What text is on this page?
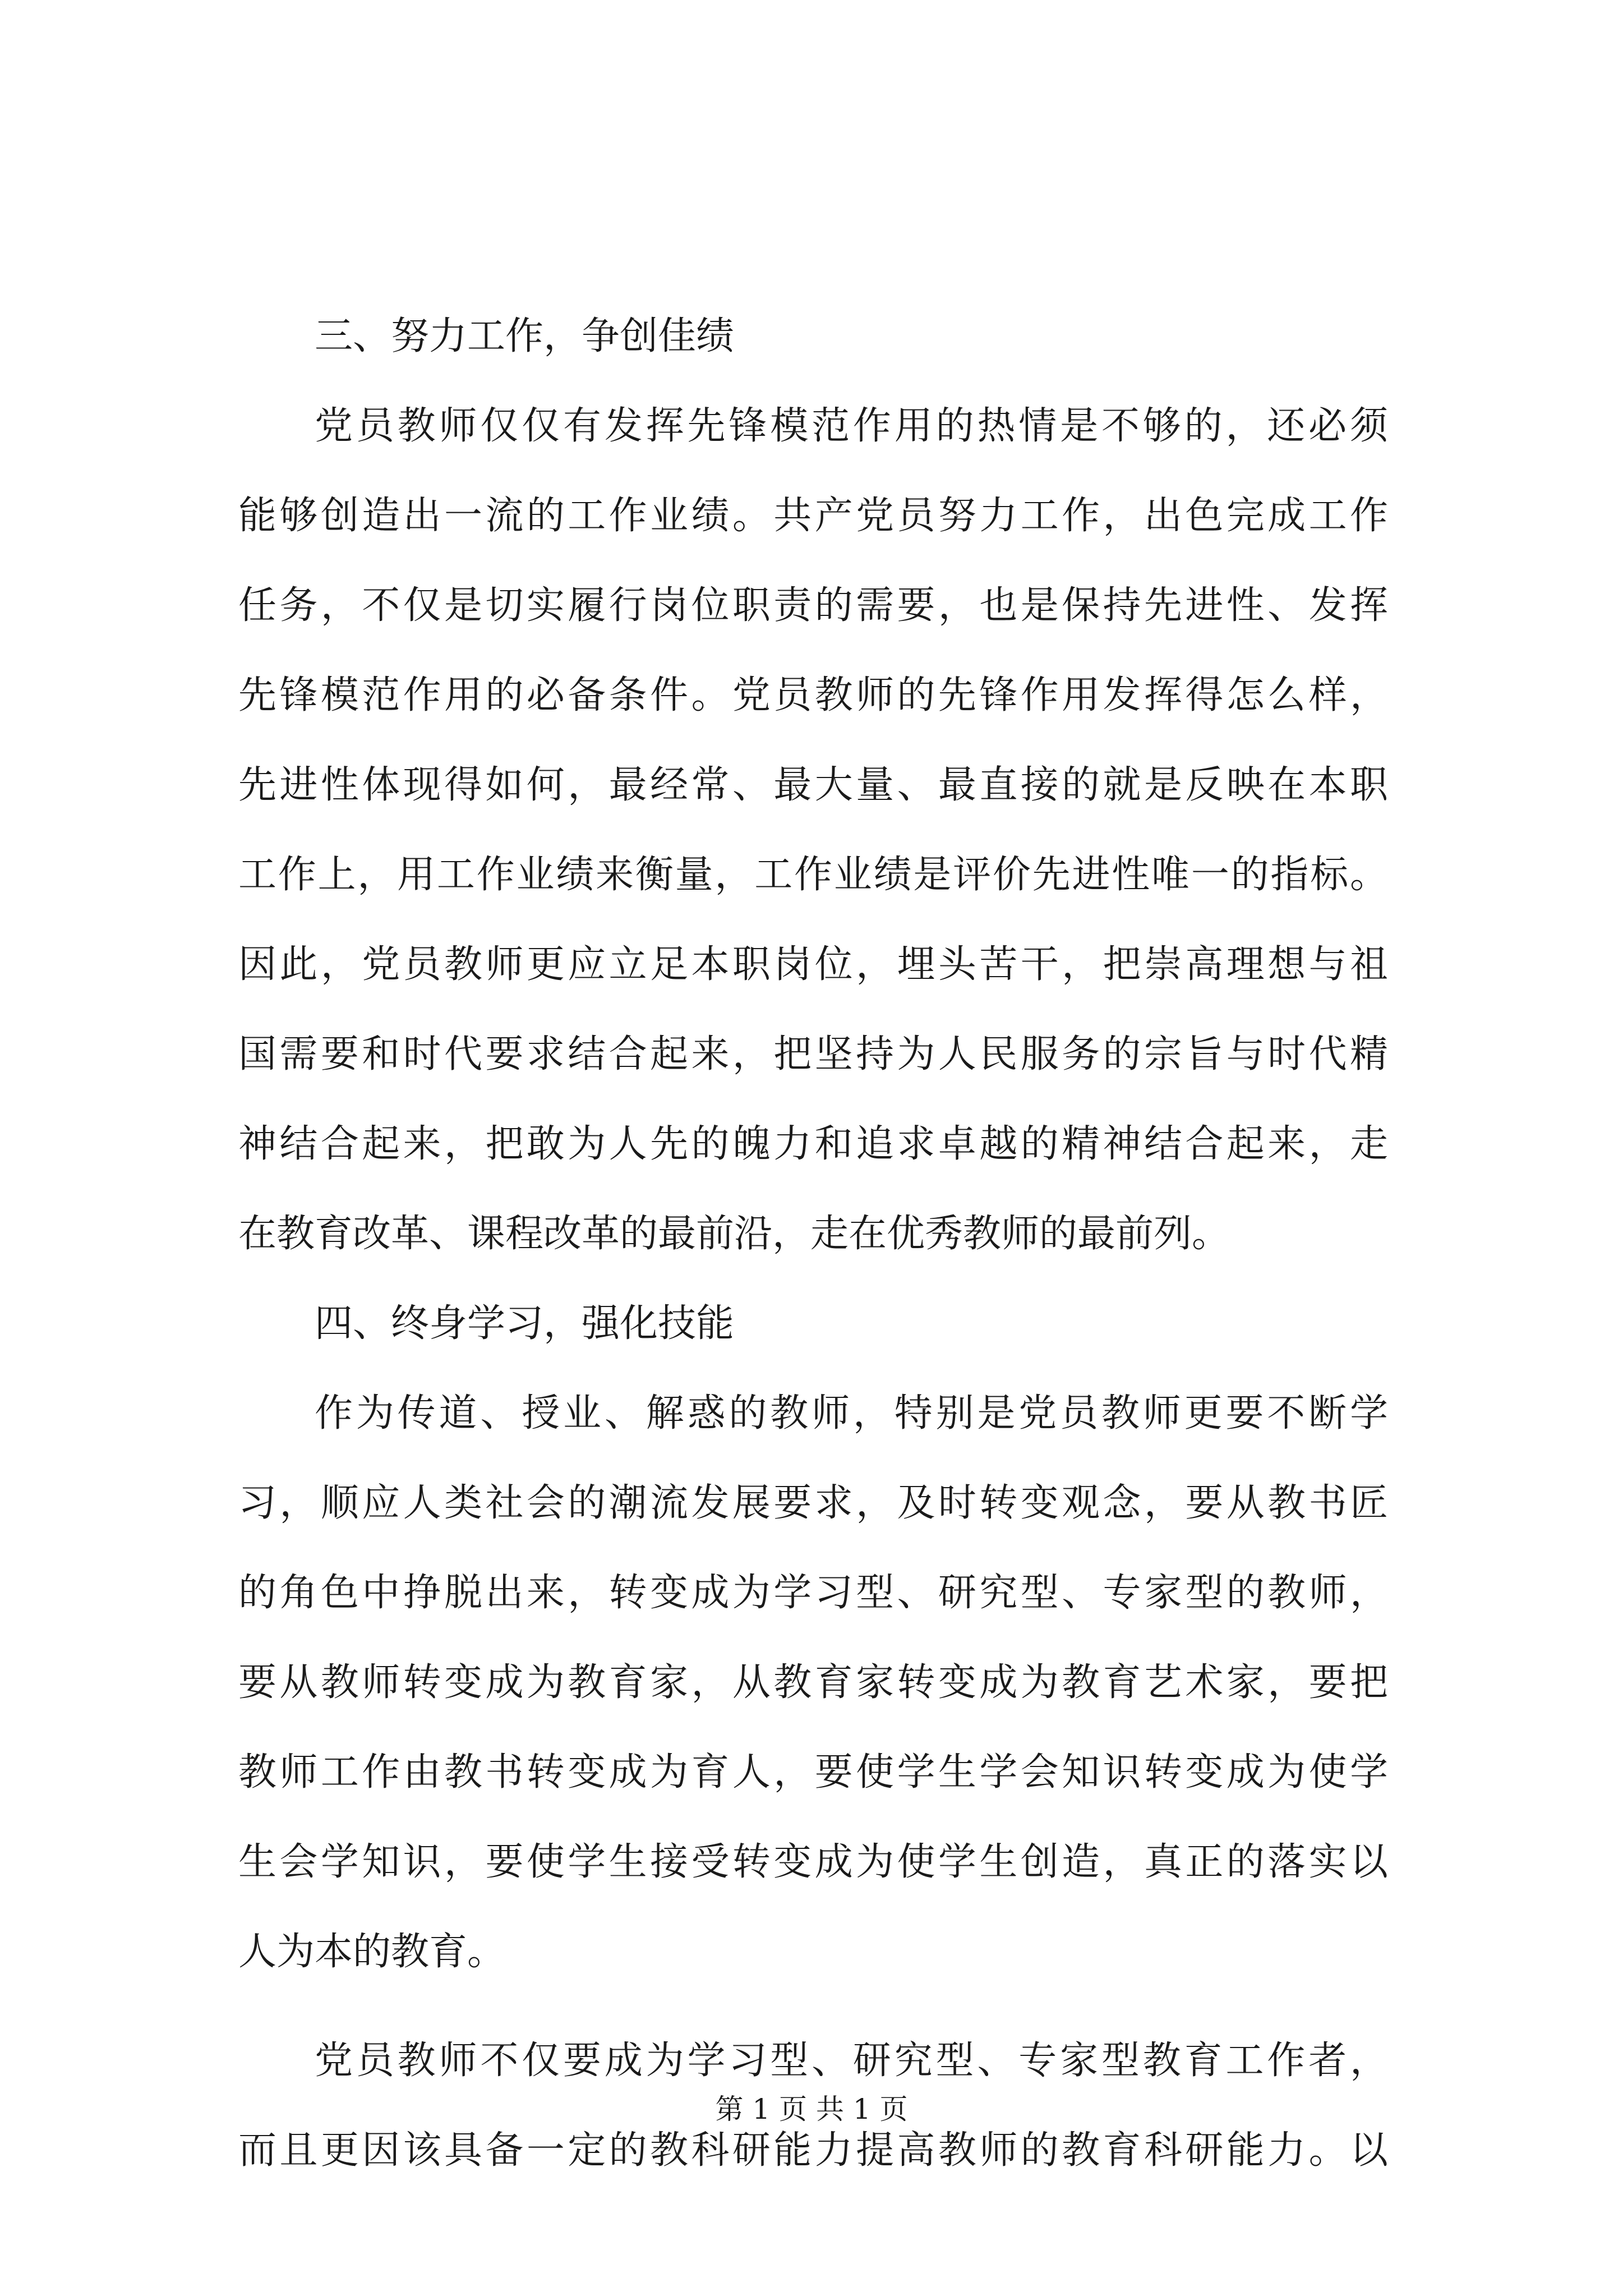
三、努力工作，争创佳绩
党员教师仅仅有发挥先锋模范作用的热情是不够的，还必须
能够创造出一流的工作业绩。共产党员努力工作，出色完成工作
任务，不仅是切实履行岗位职责的需要，也是保持先进性、发挥
先锋模范作用的必备条件。党员教师的先锋作用发挥得怎么样，
先进性体现得如何，最经常、最大量、最直接的就是反映在本职
工作上，用工作业绩来衡量，工作业绩是评价先进性唯一的指标。
因此，党员教师更应立足本职岗位，埋头苦干，把崇高理想与祖
国需要和时代要求结合起来，把坚持为人民服务的宗旨与时代精
神结合起来，把敢为人先的魄力和追求卓越的精神结合起来，走
在教育改革、课程改革的最前沿，走在优秀教师的最前列。
四、终身学习，强化技能
作为传道、授业、解惑的教师，特别是党员教师更要不断学
习，顺应人类社会的潮流发展要求，及时转变观念，要从教书匠
的角色中挣脱出来，转变成为学习型、研究型、专家型的教师，
要从教师转变成为教育家，从教育家转变成为教育艺术家，要把
教师工作由教书转变成为育人，要使学生学会知识转变成为使学
生会学知识，要使学生接受转变成为使学生创造，真正的落实以
人为本的教育。
党员教师不仅要成为学习型、研究型、专家型教育工作者，
而且更因该具备一定的教科研能力提高教师的教育科研能力。以
第 1 页 共 1 页
